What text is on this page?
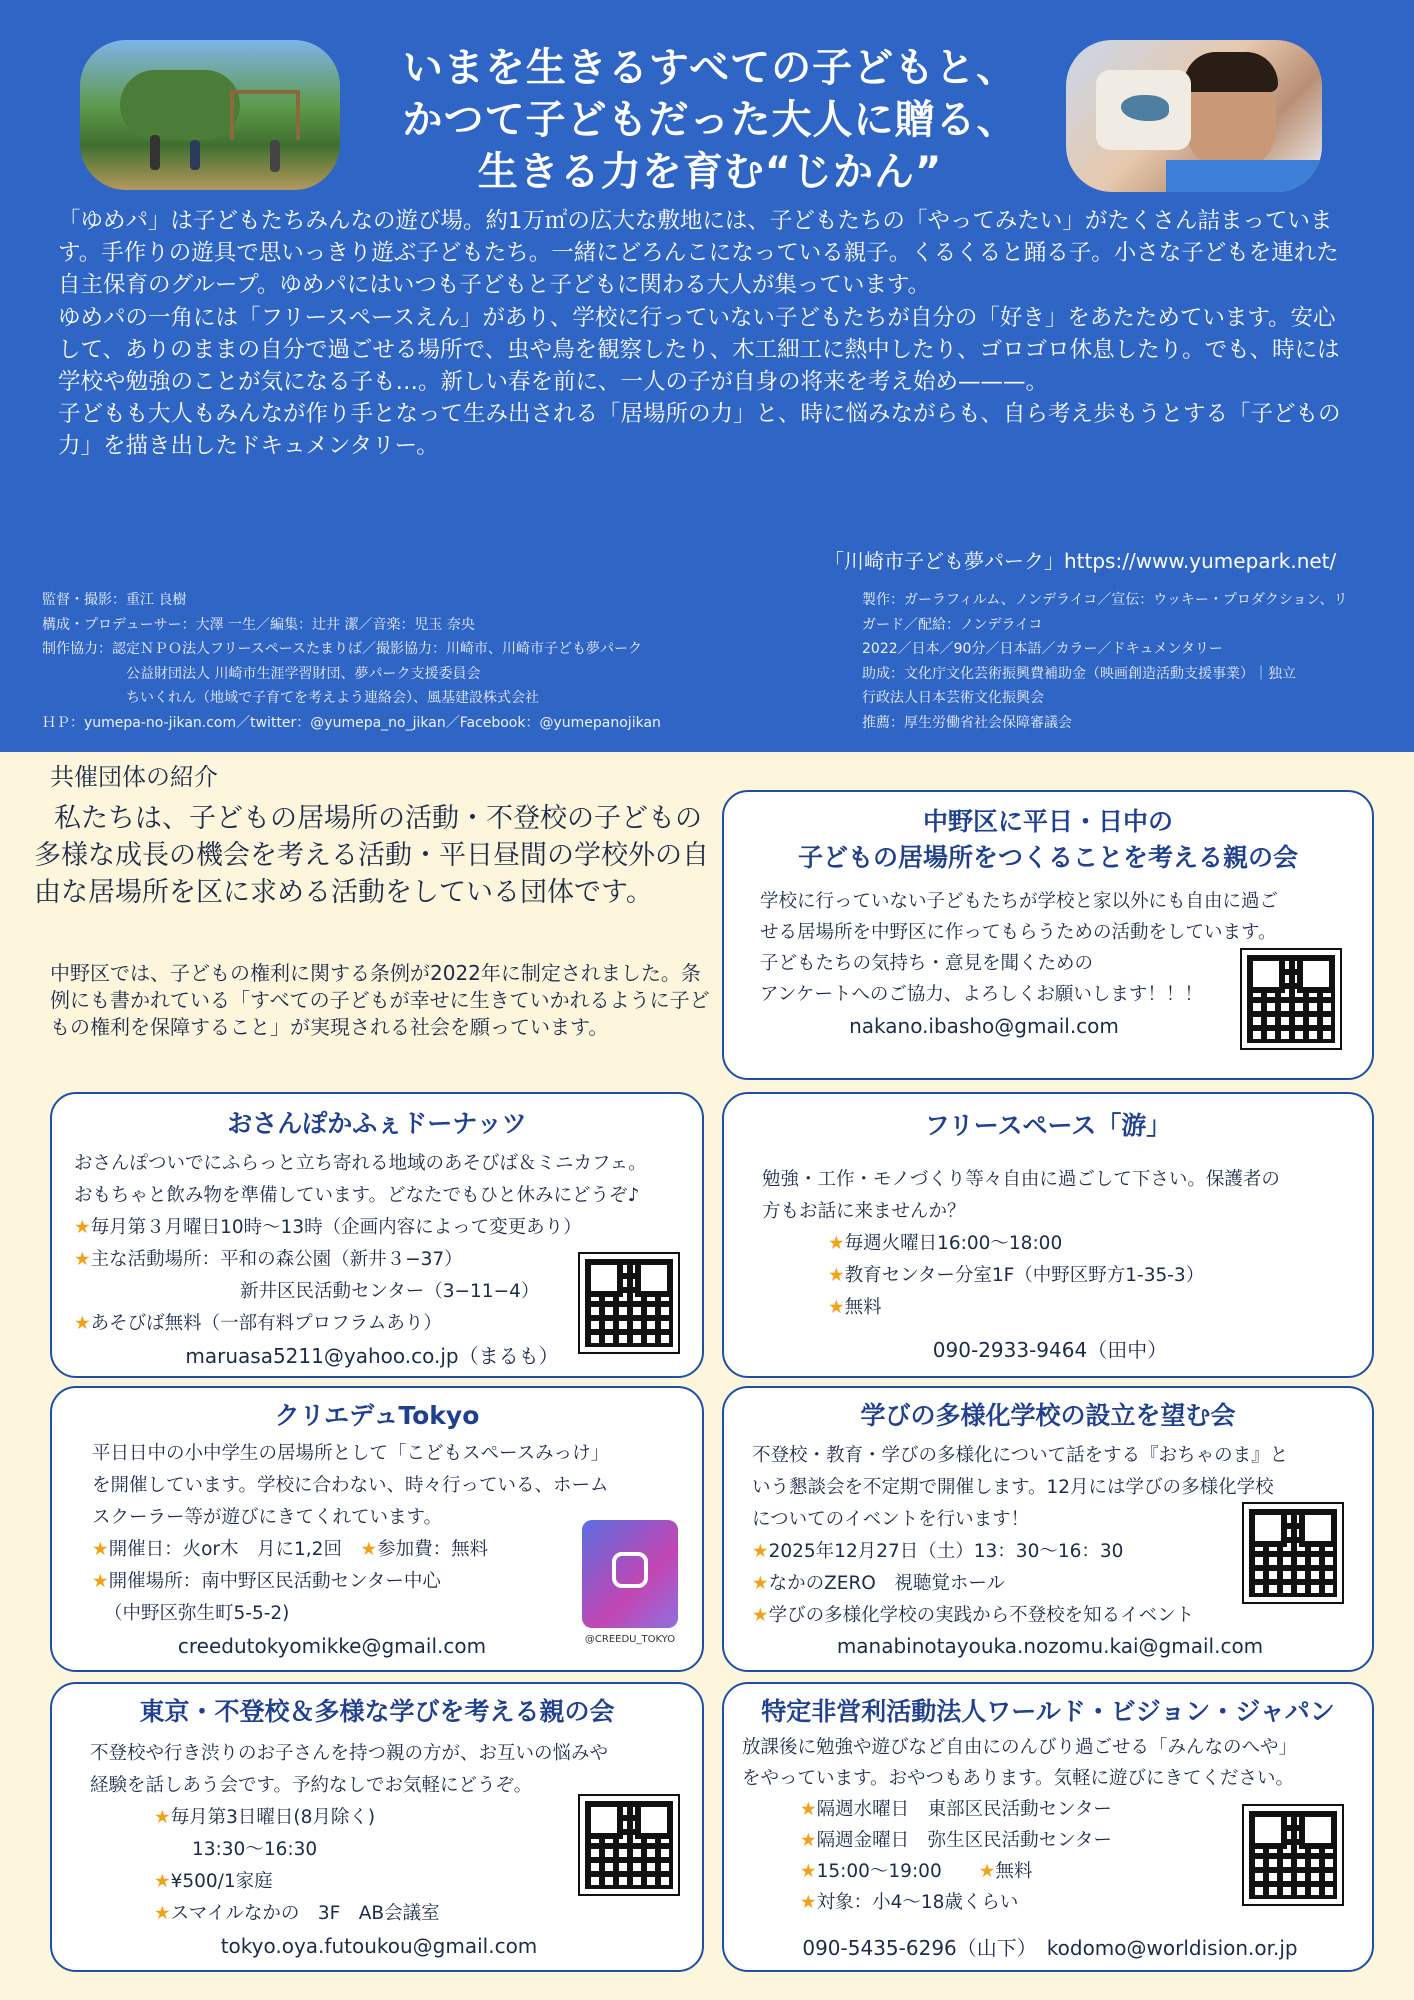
いまを生きるすべての子どもと、
かつて子どもだった大人に贈る、
生きる力を育む“じかん”

「ゆめパ」は子どもたちみんなの遊び場。約1万㎡の広大な敷地には、子どもたちの「やってみたい」がたくさん詰まっています。手作りの遊具で思いっきり遊ぶ子どもたち。一緒にどろんこになっている親子。くるくると踊る子。小さな子どもを連れた自主保育のグループ。ゆめパにはいつも子どもと子どもに関わる大人が集っています。

ゆめパの一角には「フリースペースえん」があり、学校に行っていない子どもたちが自分の「好き」をあたためています。安心して、ありのままの自分で過ごせる場所で、虫や鳥を観察したり、木工細工に熱中したり、ゴロゴロ休息したり。でも、時には学校や勉強のことが気になる子も…。新しい春を前に、一人の子が自身の将来を考え始め———。

子どもも大人もみんなが作り手となって生み出される「居場所の力」と、時に悩みながらも、自ら考え歩もうとする「子どもの力」を描き出したドキュメンタリー。

「川崎市子ども夢パーク」https://www.yumepark.net/
監督・撮影：重江 良樹
構成・プロデューサー：大澤 一生／編集：辻井 潔／音楽：児玉 奈央
制作協力：認定ＮＰＯ法人フリースペースたまりば／撮影協力：川崎市、川崎市子ども夢パーク
公益財団法人 川崎市生涯学習財団、夢パーク支援委員会
ちいくれん（地域で子育てを考えよう連絡会）、風基建設株式会社
ＨＰ：yumepa-no-jikan.com／twitter：@yumepa_no_jikan／Facebook：@yumepanojikan
製作：ガーラフィルム、ノンデライコ／宣伝：ウッキー・プロダクション、リ
ガード／配給：ノンデライコ
2022／日本／90分／日本語／カラー／ドキュメンタリー
助成：文化庁文化芸術振興費補助金（映画創造活動支援事業）｜独立
行政法人日本芸術文化振興会
推薦：厚生労働省社会保障審議会
共催団体の紹介
私たちは、子どもの居場所の活動・不登校の子どもの多様な成長の機会を考える活動・平日昼間の学校外の自由な居場所を区に求める活動をしている団体です。
中野区では、子どもの権利に関する条例が2022年に制定されました。条例にも書かれている「すべての子どもが幸せに生きていかれるように子どもの権利を保障すること」が実現される社会を願っています。
中野区に平日・日中の
子どもの居場所をつくることを考える親の会
学校に行っていない子どもたちが学校と家以外にも自由に過ご
せる居場所を中野区に作ってもらうための活動をしています。
子どもたちの気持ち・意見を聞くための
アンケートへのご協力、よろしくお願いします！！！
nakano.ibasho@gmail.com
おさんぽかふぇドーナッツ
おさんぽついでにふらっと立ち寄れる地域のあそびば＆ミニカフェ。
おもちゃと飲み物を準備しています。どなたでもひと休みにどうぞ♪
★毎月第３月曜日10時～13時（企画内容によって変更あり）
★主な活動場所：平和の森公園（新井３−37）
新井区民活動センター（3−11−4）
★あそびば無料（一部有料プロフラムあり）
maruasa5211@yahoo.co.jp（まるも）
フリースペース「游」
勉強・工作・モノづくり等々自由に過ごして下さい。保護者の
方もお話に来ませんか？
★毎週火曜日16:00～18:00
★教育センター分室1F（中野区野方1-35-3）
★無料
090-2933-9464（田中）
クリエデュTokyo
平日日中の小中学生の居場所として「こどもスペースみっけ」
を開催しています。学校に合わない、時々行っている、ホーム
スクーラー等が遊びにきてくれています。
★開催日：火or木　月に1,2回　 ★参加費：無料
★開催場所：南中野区民活動センター中心
（中野区弥生町5-5-2)
creedutokyomikke@gmail.com	@CREEDU_TOKYO
学びの多様化学校の設立を望む会
不登校・教育・学びの多様化について話をする『おちゃのま』と
いう懇談会を不定期で開催します。12月には学びの多様化学校
についてのイベントを行います！
★2025年12月27日（土）13：30～16：30
★なかのZERO　視聴覚ホール
★学びの多様化学校の実践から不登校を知るイベント
manabinotayouka.nozomu.kai@gmail.com
東京・不登校＆多様な学びを考える親の会
不登校や行き渋りのお子さんを持つ親の方が、お互いの悩みや
経験を話しあう会です。予約なしでお気軽にどうぞ。
★毎月第3日曜日(8月除く)
13:30～16:30
★¥500/1家庭
★スマイルなかの　3F　AB会議室
tokyo.oya.futoukou@gmail.com
特定非営利活動法人ワールド・ビジョン・ジャパン
放課後に勉強や遊びなど自由にのんびり過ごせる「みんなのへや」
をやっています。おやつもあります。気軽に遊びにきてください。
★隔週水曜日　東部区民活動センター
★隔週金曜日　弥生区民活動センター
★15:00～19:00　　 ★無料
★対象：小4～18歳くらい
090-5435-6296（山下）　kodomo@worldision.or.jp
